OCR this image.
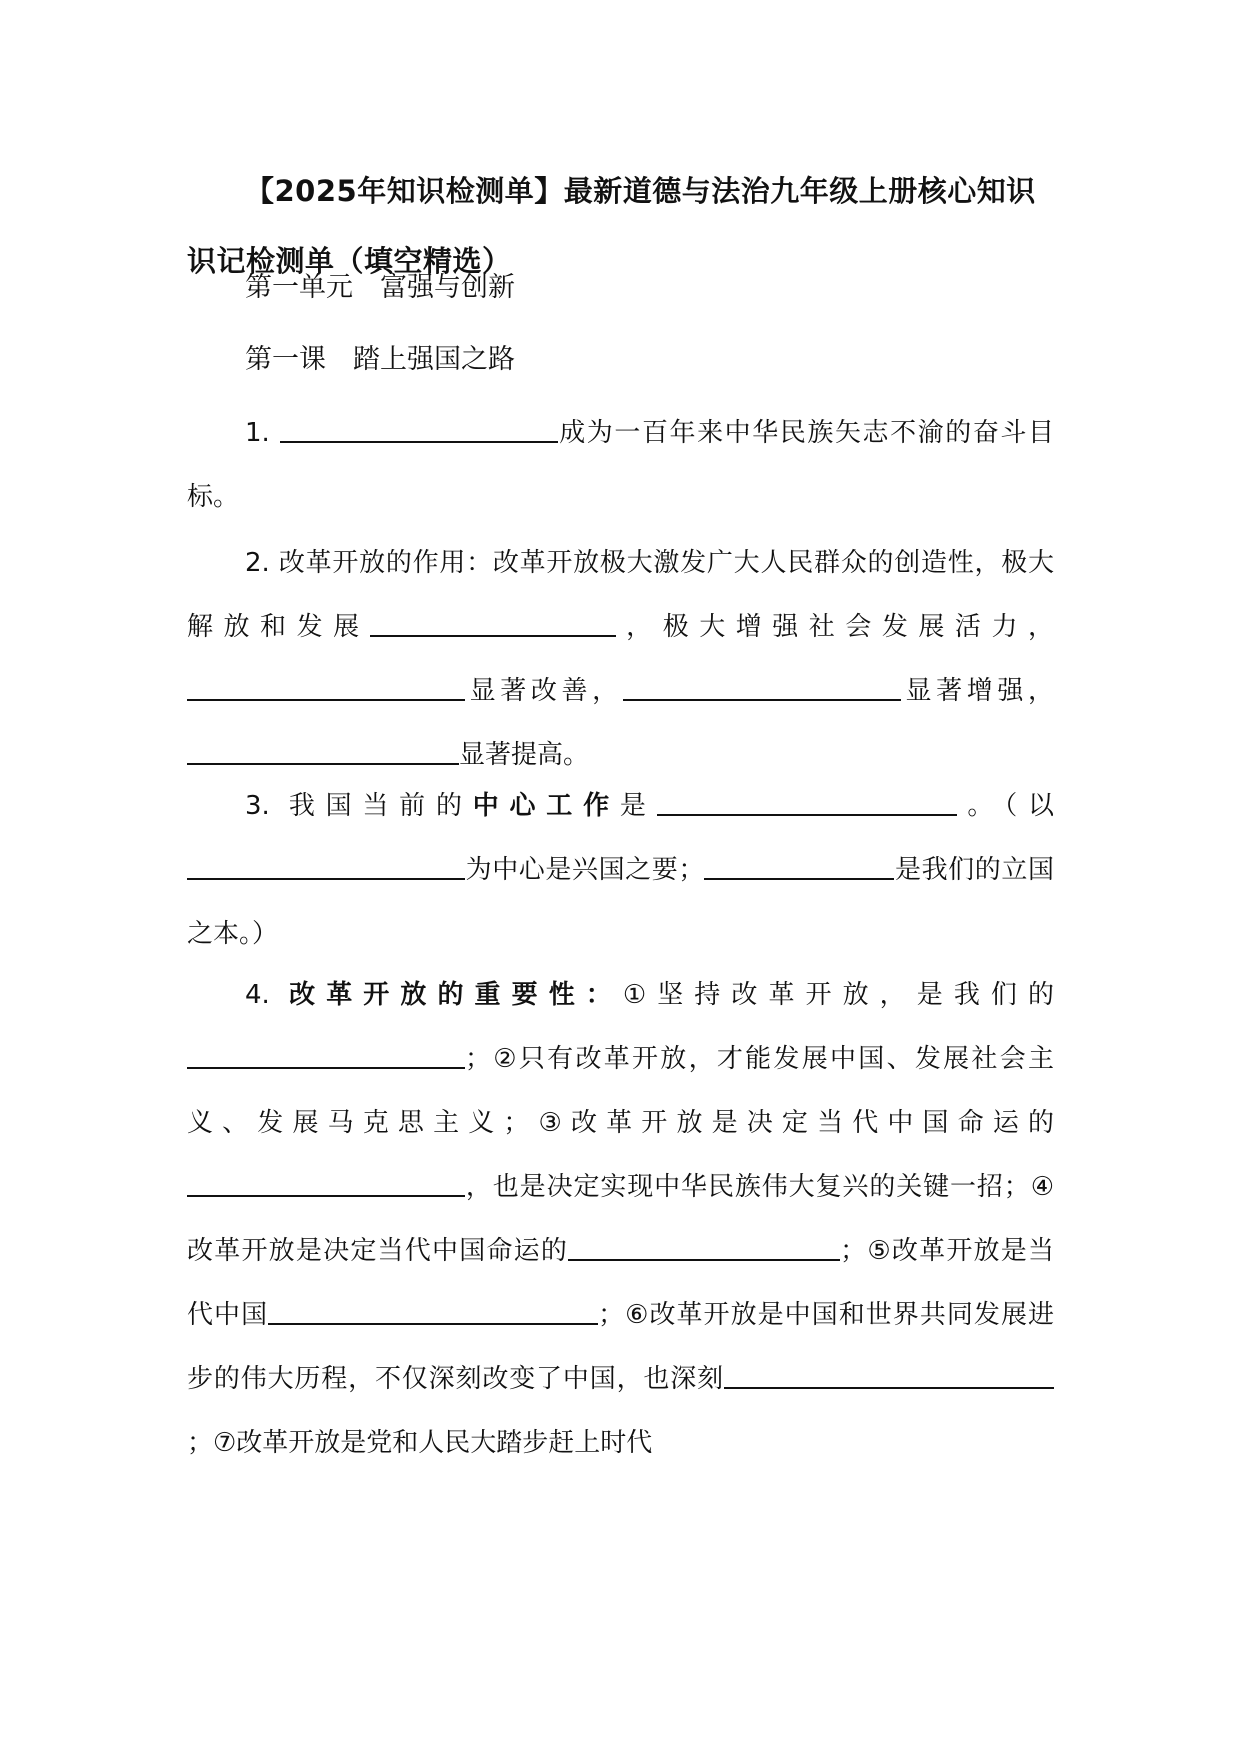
【2025年知识检测单】最新道德与法治九年级上册核心知识识记检测单（填空精选）

第一单元　富强与创新

第一课　踏上强国之路

1.	成为一百年来中华民族矢志不渝的奋斗目标。

2. 改革开放的作用：改革开放极大激发广大人民群众的创造性，极大解放和发展	，极大增强社会发展活力，显著改善，	显著增强，显著提高。

3. 我国当前的中心工作是	。（以为中心是兴国之要；	是我们的立国之本。）

4. 改革开放的重要性：①坚持改革开放，是我们的；②只有改革开放，才能发展中国、发展社会主义、发展马克思主义；③改革开放是决定当代中国命运的，也是决定实现中华民族伟大复兴的关键一招；④改革开放是决定当代中国命运的	；⑤改革开放是当代中国	；⑥改革开放是中国和世界共同发展进步的伟大历程，不仅深刻改变了中国，也深刻；⑦改革开放是党和人民大踏步赶上时代
